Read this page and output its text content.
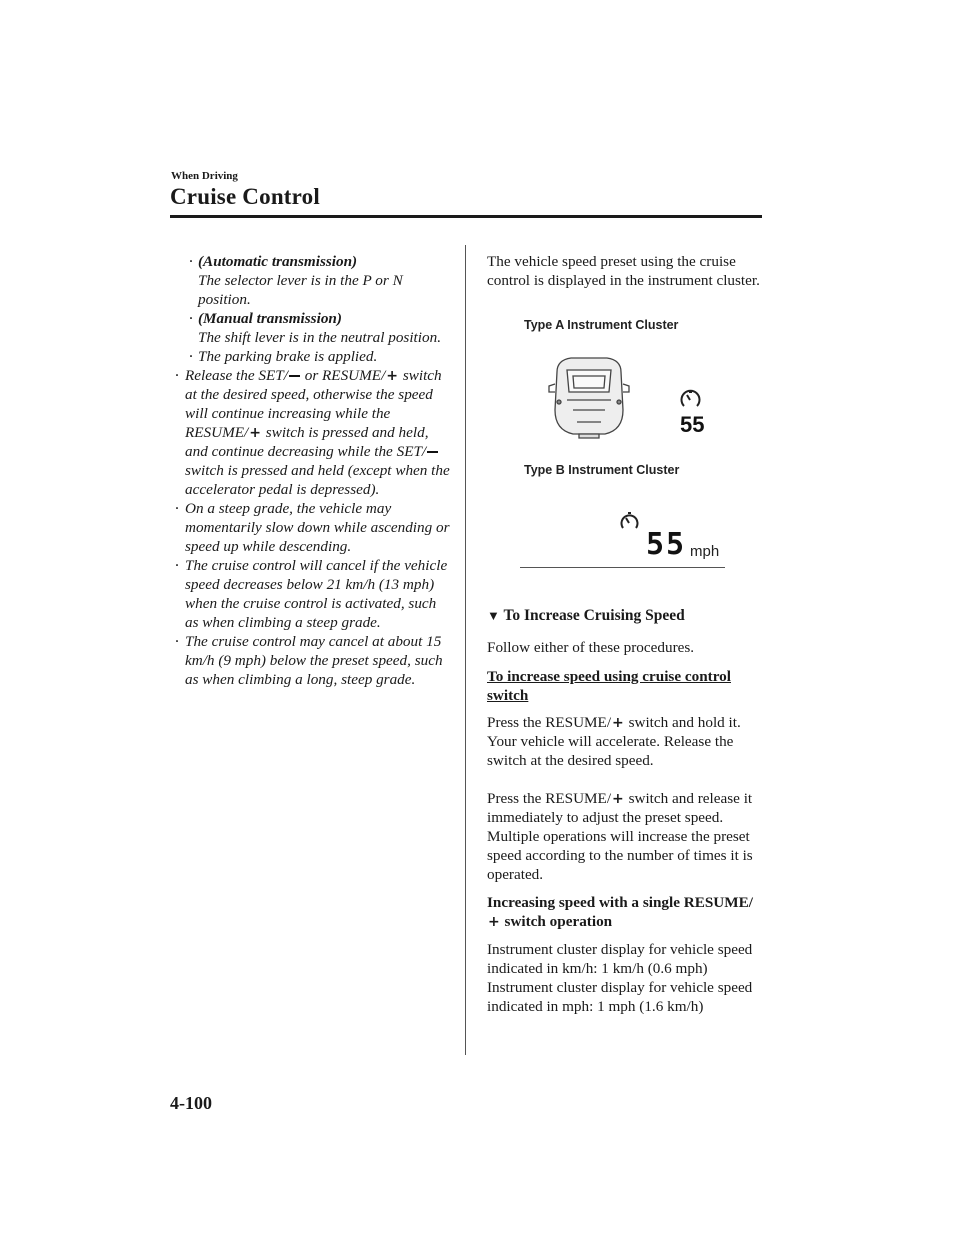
When Driving
Cruise Control
· (Automatic transmission)
The selector lever is in the P or N position.
· (Manual transmission)
The shift lever is in the neutral position.
· The parking brake is applied.
· Release the SET/ or RESUME/+ switch at the desired speed, otherwise the speed will continue increasing while the RESUME/+ switch is pressed and held, and continue decreasing while the SET/ switch is pressed and held (except when the accelerator pedal is depressed).
· On a steep grade, the vehicle may momentarily slow down while ascending or speed up while descending.
· The cruise control will cancel if the vehicle speed decreases below 21 km/h (13 mph) when the cruise control is activated, such as when climbing a steep grade.
· The cruise control may cancel at about 15 km/h (9 mph) below the preset speed, such as when climbing a long, steep grade.

The vehicle speed preset using the cruise control is displayed in the instrument cluster.

Type A Instrument Cluster
55
Type B Instrument Cluster
55 mph
▼ To Increase Cruising Speed
Follow either of these procedures.
To increase speed using cruise control switch
Press the RESUME/+ switch and hold it. Your vehicle will accelerate. Release the switch at the desired speed.
Press the RESUME/+ switch and release it immediately to adjust the preset speed. Multiple operations will increase the preset speed according to the number of times it is operated.
Increasing speed with a single RESUME/+ switch operation
Instrument cluster display for vehicle speed indicated in km/h: 1 km/h (0.6 mph)
Instrument cluster display for vehicle speed indicated in mph: 1 mph (1.6 km/h)
4-100
